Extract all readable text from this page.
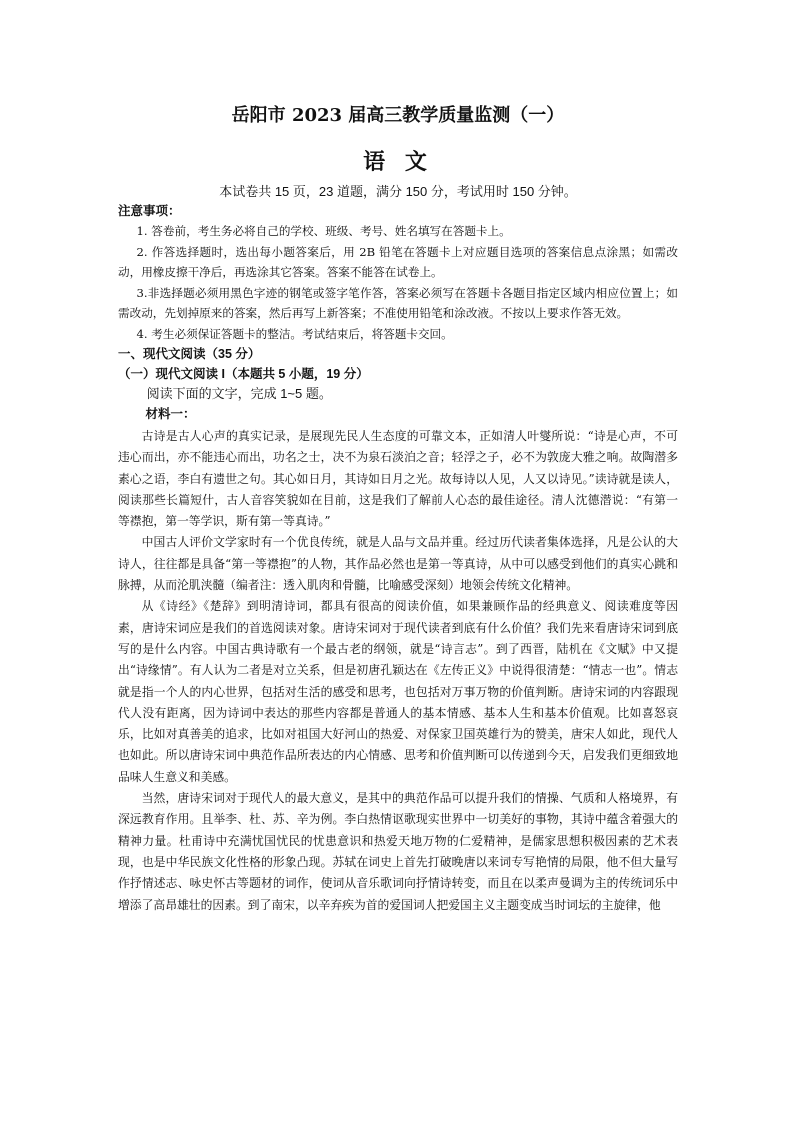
岳阳市 2023 届高三教学质量监测（一）
语 文

本试卷共 15 页，23 道题，满分 150 分，考试用时 150 分钟。

注意事项：

1. 答卷前，考生务必将自己的学校、班级、考号、姓名填写在答题卡上。

2. 作答选择题时，选出每小题答案后，用 2B 铅笔在答题卡上对应题目选项的答案信息点涂黑；如需改动，用橡皮擦干净后，再选涂其它答案。答案不能答在试卷上。

3.非选择题必须用黑色字迹的钢笔或签字笔作答，答案必须写在答题卡各题目指定区域内相应位置上；如需改动，先划掉原来的答案，然后再写上新答案；不准使用铅笔和涂改液。不按以上要求作答无效。

4. 考生必须保证答题卡的整洁。考试结束后，将答题卡交回。

一、现代文阅读（35 分）

（一）现代文阅读 I（本题共 5 小题，19 分）

阅读下面的文字，完成 1~5 题。

材料一：

古诗是古人心声的真实记录，是展现先民人生态度的可靠文本，正如清人叶燮所说：“诗是心声，不可违心而出，亦不能违心而出，功名之士，决不为泉石淡泊之音；轻浮之子，必不为敦庞大雅之响。故陶潜多素心之语，李白有遗世之句。其心如日月，其诗如日月之光。故每诗以人见，人又以诗见。”读诗就是读人，阅读那些长篇短什，古人音容笑貌如在目前，这是我们了解前人心态的最佳途径。清人沈德潜说：“有第一等襟抱，第一等学识，斯有第一等真诗。”

中国古人评价文学家时有一个优良传统，就是人品与文品并重。经过历代读者集体选择，凡是公认的大诗人，往往都是具备“第一等襟抱”的人物，其作品必然也是第一等真诗，从中可以感受到他们的真实心跳和脉搏，从而沦肌浃髓（编者注：透入肌肉和骨髓，比喻感受深刻）地领会传统文化精神。

从《诗经》《楚辞》到明清诗词，都具有很高的阅读价值，如果兼顾作品的经典意义、阅读难度等因素，唐诗宋词应是我们的首选阅读对象。唐诗宋词对于现代读者到底有什么价值？我们先来看唐诗宋词到底写的是什么内容。中国古典诗歌有一个最古老的纲领，就是“诗言志”。到了西晋，陆机在《文赋》中又提出“诗缘情”。有人认为二者是对立关系，但是初唐孔颖达在《左传正义》中说得很清楚：“情志一也”。情志就是指一个人的内心世界，包括对生活的感受和思考，也包括对万事万物的价值判断。唐诗宋词的内容跟现代人没有距离，因为诗词中表达的那些内容都是普通人的基本情感、基本人生和基本价值观。比如喜怒哀乐，比如对真善美的追求，比如对祖国大好河山的热爱、对保家卫国英雄行为的赞美，唐宋人如此，现代人也如此。所以唐诗宋词中典范作品所表达的内心情感、思考和价值判断可以传递到今天，启发我们更细致地品味人生意义和美感。

当然，唐诗宋词对于现代人的最大意义，是其中的典范作品可以提升我们的情操、气质和人格境界，有深远教育作用。且举李、杜、苏、辛为例。李白热情讴歌现实世界中一切美好的事物，其诗中蕴含着强大的精神力量。杜甫诗中充满忧国忧民的忧患意识和热爱天地万物的仁爱精神，是儒家思想积极因素的艺术表现，也是中华民族文化性格的形象凸现。苏轼在词史上首先打破晚唐以来词专写艳情的局限，他不但大量写作抒情述志、咏史怀古等题材的词作，使词从音乐歌词向抒情诗转变，而且在以柔声曼调为主的传统词乐中增添了高昂雄壮的因素。到了南宋，以辛弃疾为首的爱国词人把爱国主义主题变成当时词坛的主旋律，他
